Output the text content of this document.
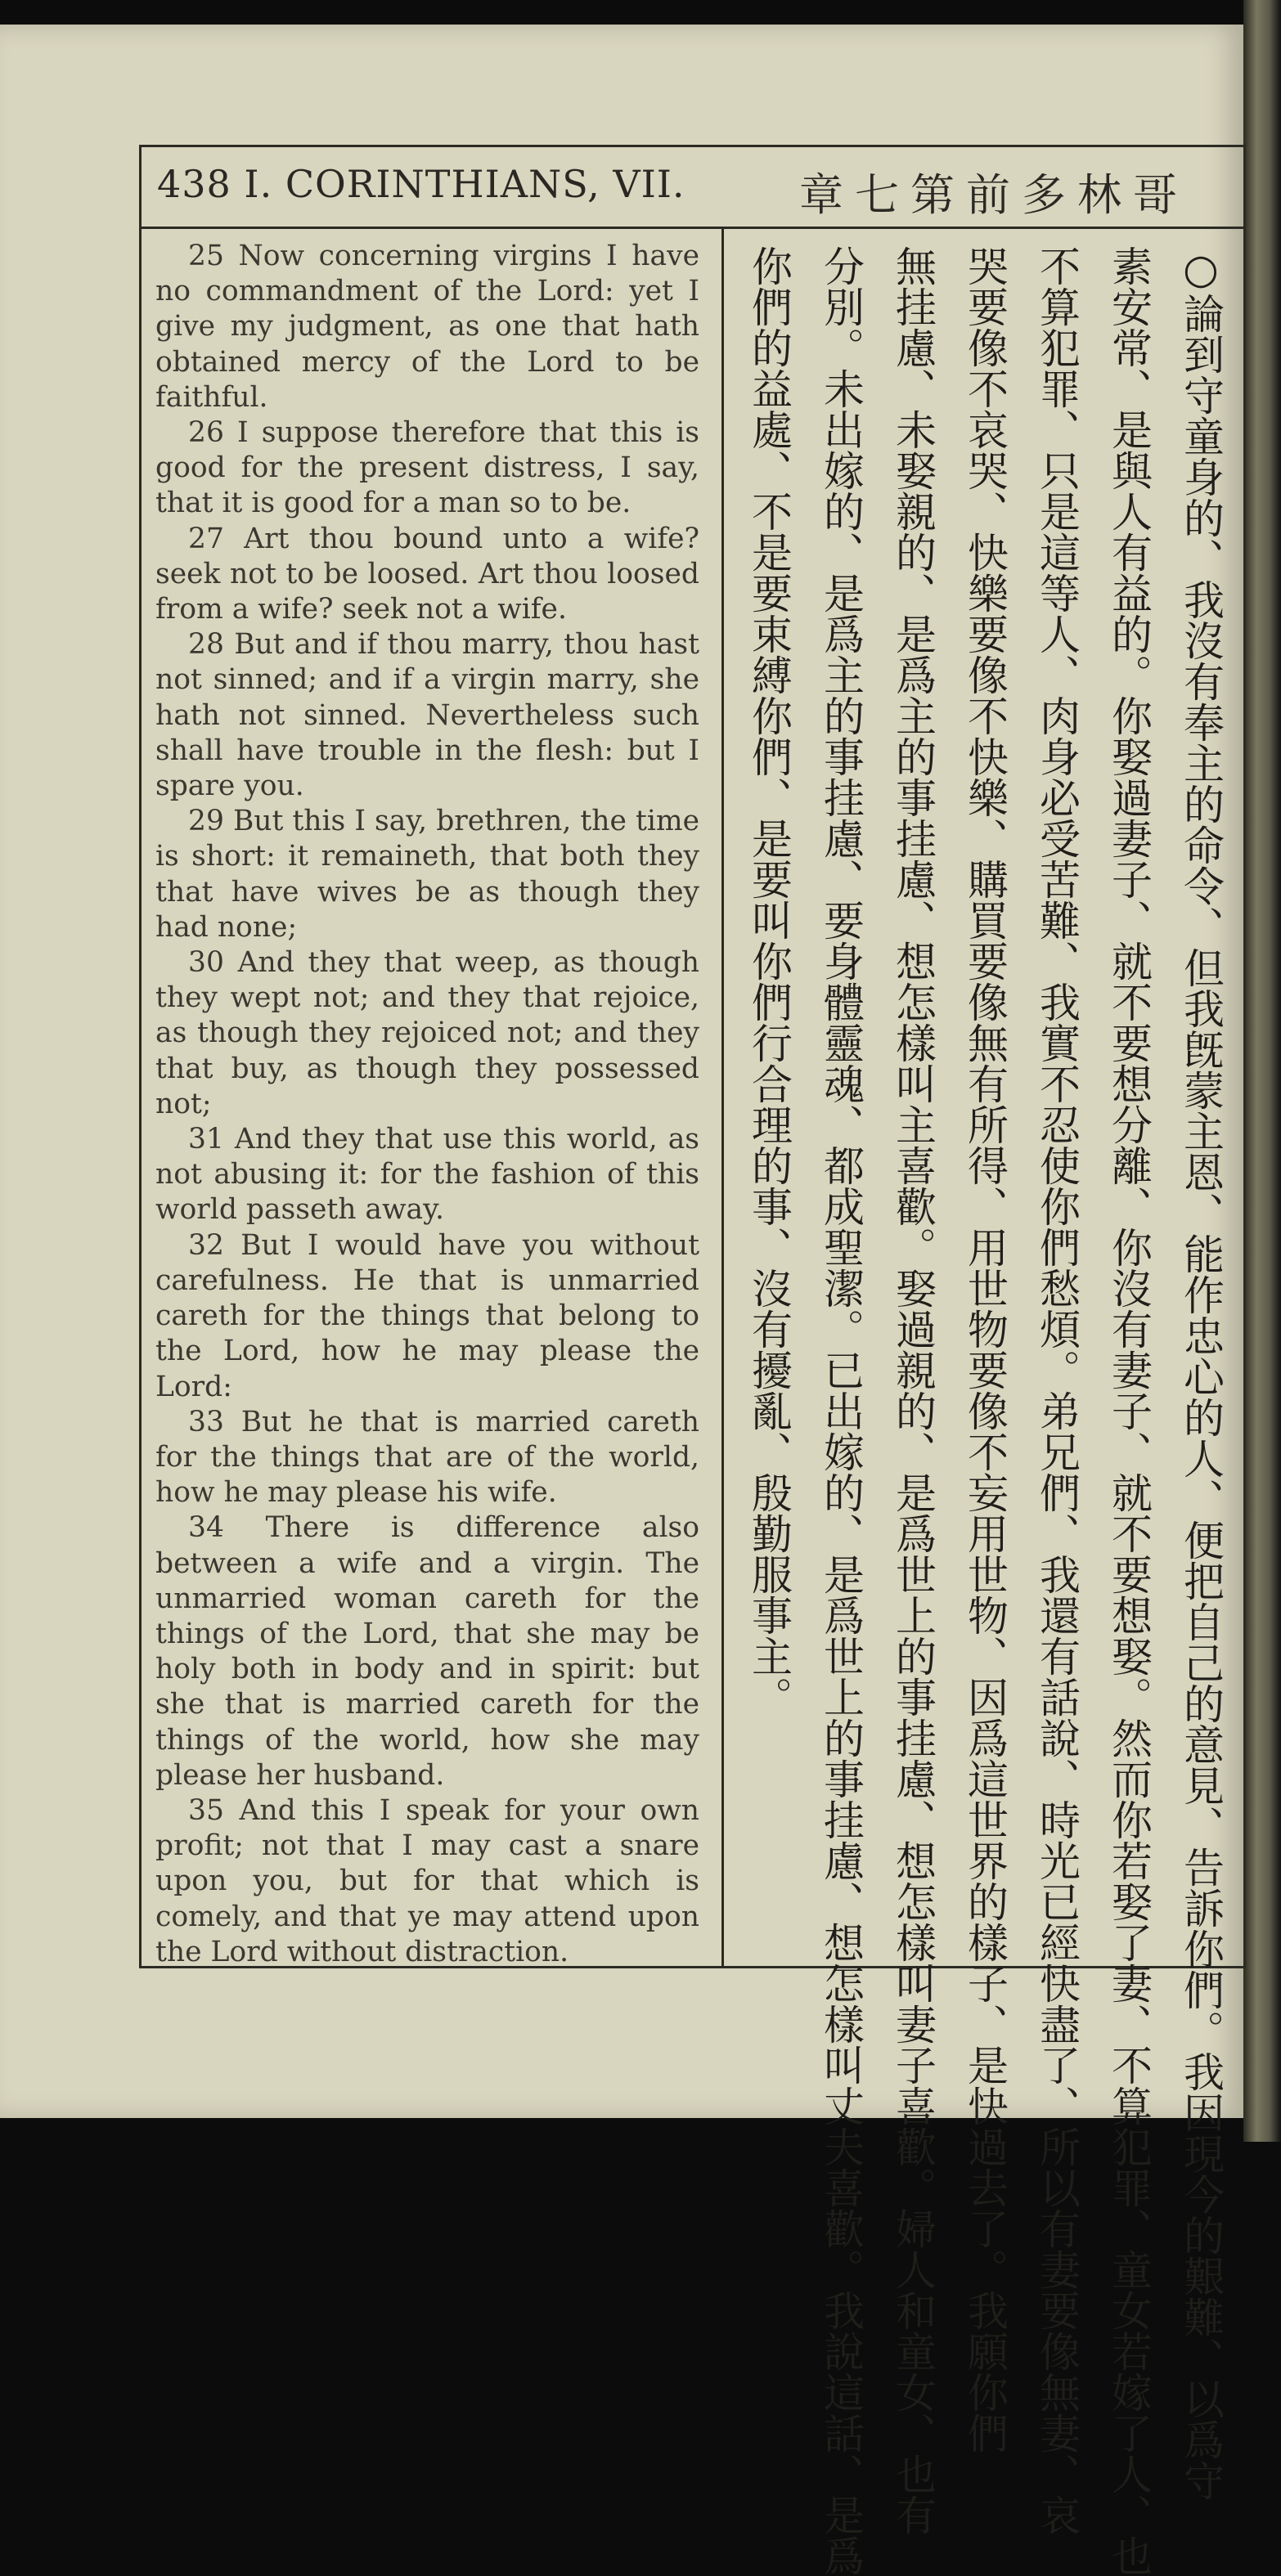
438 I. CORINTHIANS, VII.	章七第前多林哥

25 Now concerning virgins I have no commandment of the Lord: yet I give my judgment, as one that hath obtained mercy of the Lord to be faithful.

26 I suppose therefore that this is good for the present distress, I say, that it is good for a man so to be.

27 Art thou bound unto a wife? seek not to be loosed. Art thou loosed from a wife? seek not a wife.

28 But and if thou marry, thou hast not sinned; and if a virgin marry, she hath not sinned. Nevertheless such shall have trouble in the flesh: but I spare you.

29 But this I say, brethren, the time is short: it remaineth, that both they that have wives be as though they had none;

30 And they that weep, as though they wept not; and they that rejoice, as though they rejoiced not; and they that buy, as though they possessed not;

31 And they that use this world, as not abusing it: for the fashion of this world passeth away.

32 But I would have you without carefulness. He that is unmarried careth for the things that belong to the Lord, how he may please the Lord:

33 But he that is married careth for the things that are of the world, how he may please his wife.

34 There is difference also between a wife and a virgin. The unmarried woman careth for the things of the Lord, that she may be holy both in body and in spirit: but she that is married careth for the things of the world, how she may please her husband.

35 And this I speak for your own profit; not that I may cast a snare upon you, but for that which is comely, and that ye may attend upon the Lord without distraction.	○論到守童身的、我沒有奉主的命令、但我旣蒙主恩、能作忠心的人、便把自己的意見、告訴你們。我因現今的艱難、以爲守
素安常、是與人有益的。你娶過妻子、就不要想分離、你沒有妻子、就不要想娶。然而你若娶了妻、不算犯罪、童女若嫁了人、也
不算犯罪、只是這等人、肉身必受苦難、我實不忍使你們愁煩。弟兄們、我還有話說、時光已經快盡了、所以有妻要像無妻、哀
哭要像不哀哭、快樂要像不快樂、購買要像無有所得、用世物要像不妄用世物、因爲這世界的樣子、是快過去了。我願你們
無挂慮、未娶親的、是爲主的事挂慮、想怎樣叫主喜歡。娶過親的、是爲世上的事挂慮、想怎樣叫妻子喜歡。婦人和童女、也有
分別。未出嫁的、是爲主的事挂慮、要身體靈魂、都成聖潔。已出嫁的、是爲世上的事挂慮、想怎樣叫丈夫喜歡。我說這話、是爲
你們的益處、不是要束縛你們、是要叫你們行合理的事、沒有擾亂、殷勤服事主。
